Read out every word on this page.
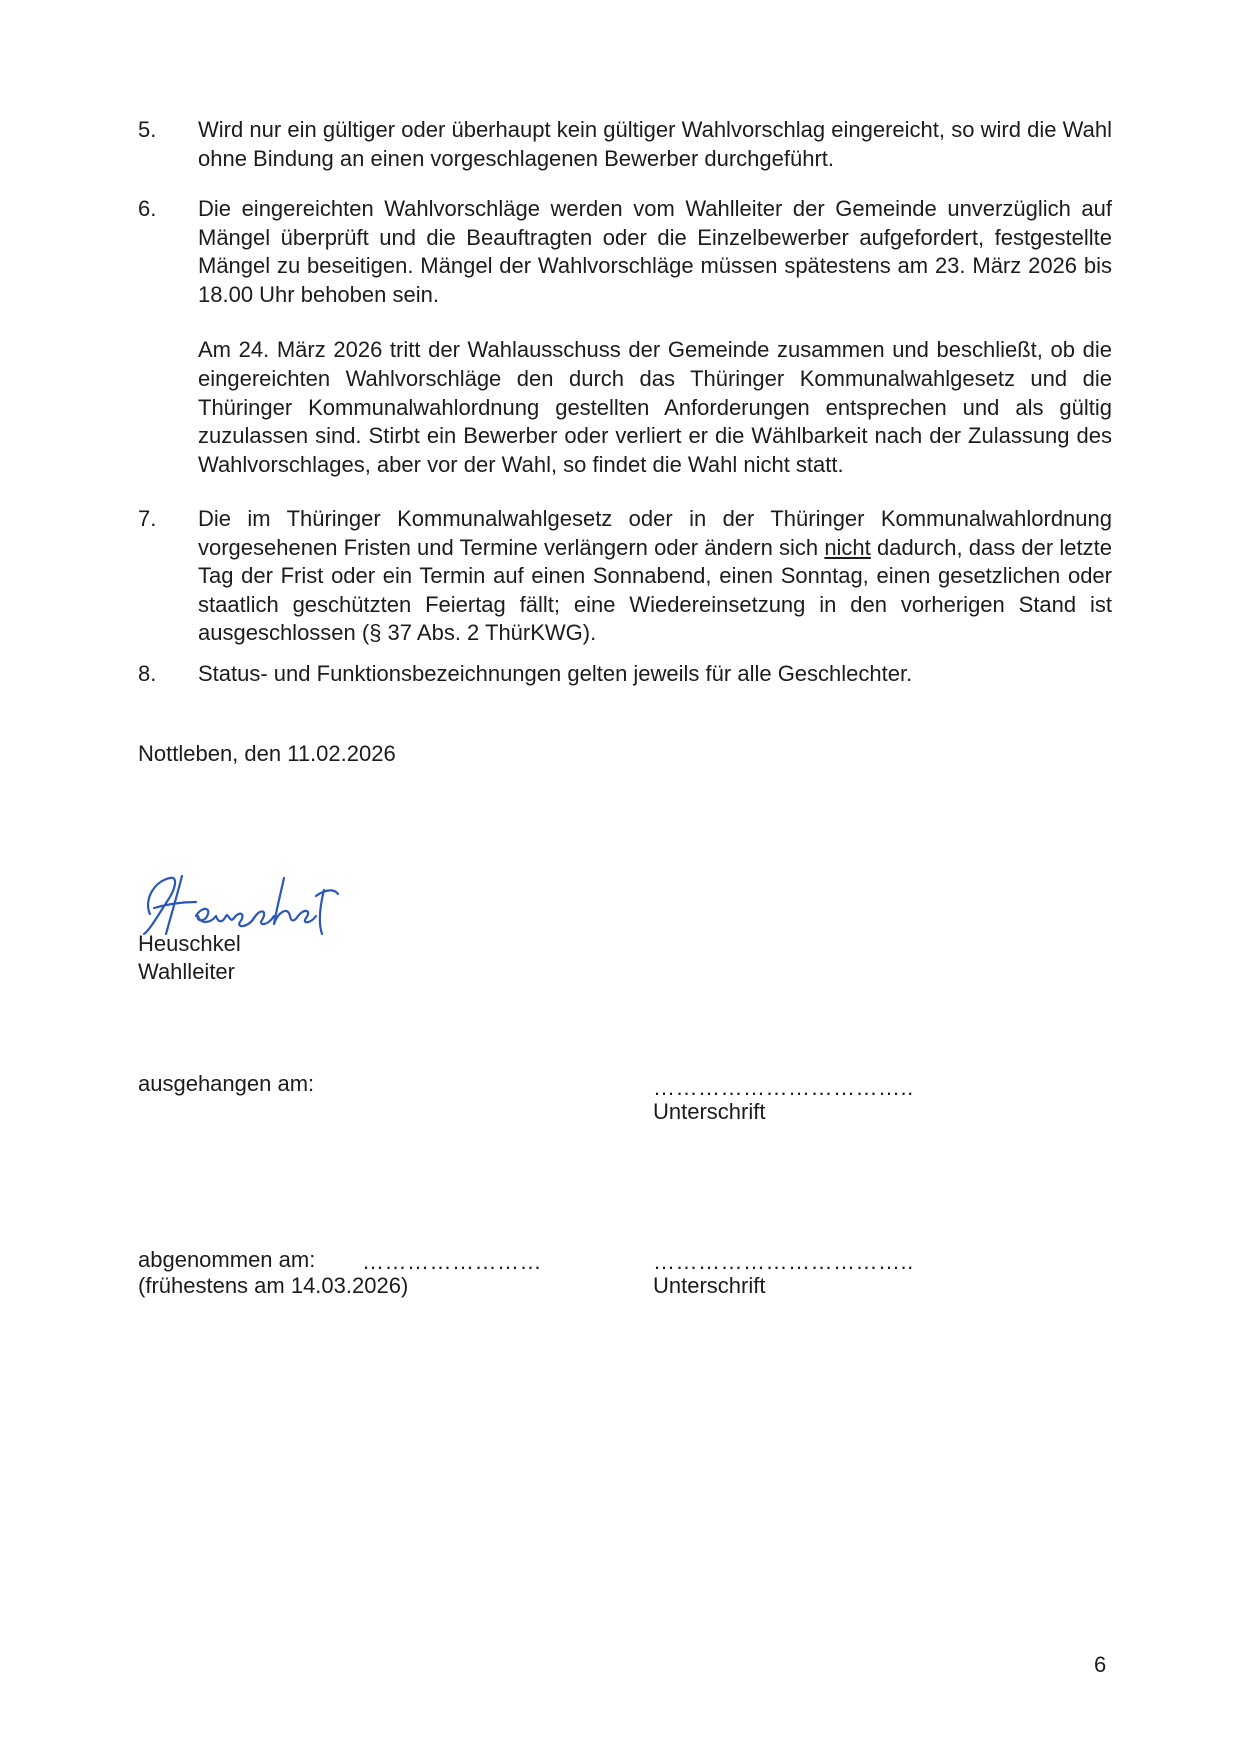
5. Wird nur ein gültiger oder überhaupt kein gültiger Wahlvorschlag eingereicht, so wird die Wahl ohne Bindung an einen vorgeschlagenen Bewerber durchgeführt.
6. Die eingereichten Wahlvorschläge werden vom Wahlleiter der Gemeinde unverzüglich auf Mängel überprüft und die Beauftragten oder die Einzelbewerber aufgefordert, festgestellte Mängel zu beseitigen. Mängel der Wahlvorschläge müssen spätestens am 23. März 2026 bis 18.00 Uhr behoben sein.
Am 24. März 2026 tritt der Wahlausschuss der Gemeinde zusammen und beschließt, ob die eingereichten Wahlvorschläge den durch das Thüringer Kommunalwahlgesetz und die Thüringer Kommunalwahlordnung gestellten Anforderungen entsprechen und als gültig zuzulassen sind. Stirbt ein Bewerber oder verliert er die Wählbarkeit nach der Zulassung des Wahlvorschlages, aber vor der Wahl, so findet die Wahl nicht statt.
7. Die im Thüringer Kommunalwahlgesetz oder in der Thüringer Kommunalwahlordnung vorgesehenen Fristen und Termine verlängern oder ändern sich nicht dadurch, dass der letzte Tag der Frist oder ein Termin auf einen Sonnabend, einen Sonntag, einen gesetzlichen oder staatlich geschützten Feiertag fällt; eine Wiedereinsetzung in den vorherigen Stand ist ausgeschlossen (§ 37 Abs. 2 ThürKWG).
8. Status- und Funktionsbezeichnungen gelten jeweils für alle Geschlechter.
Nottleben, den 11.02.2026
Heuschkel
Wahlleiter
ausgehangen am:	……………………………..
Unterschrift
abgenommen am: ……………………
(frühestens am 14.03.2026)
……………………………..
Unterschrift
6
